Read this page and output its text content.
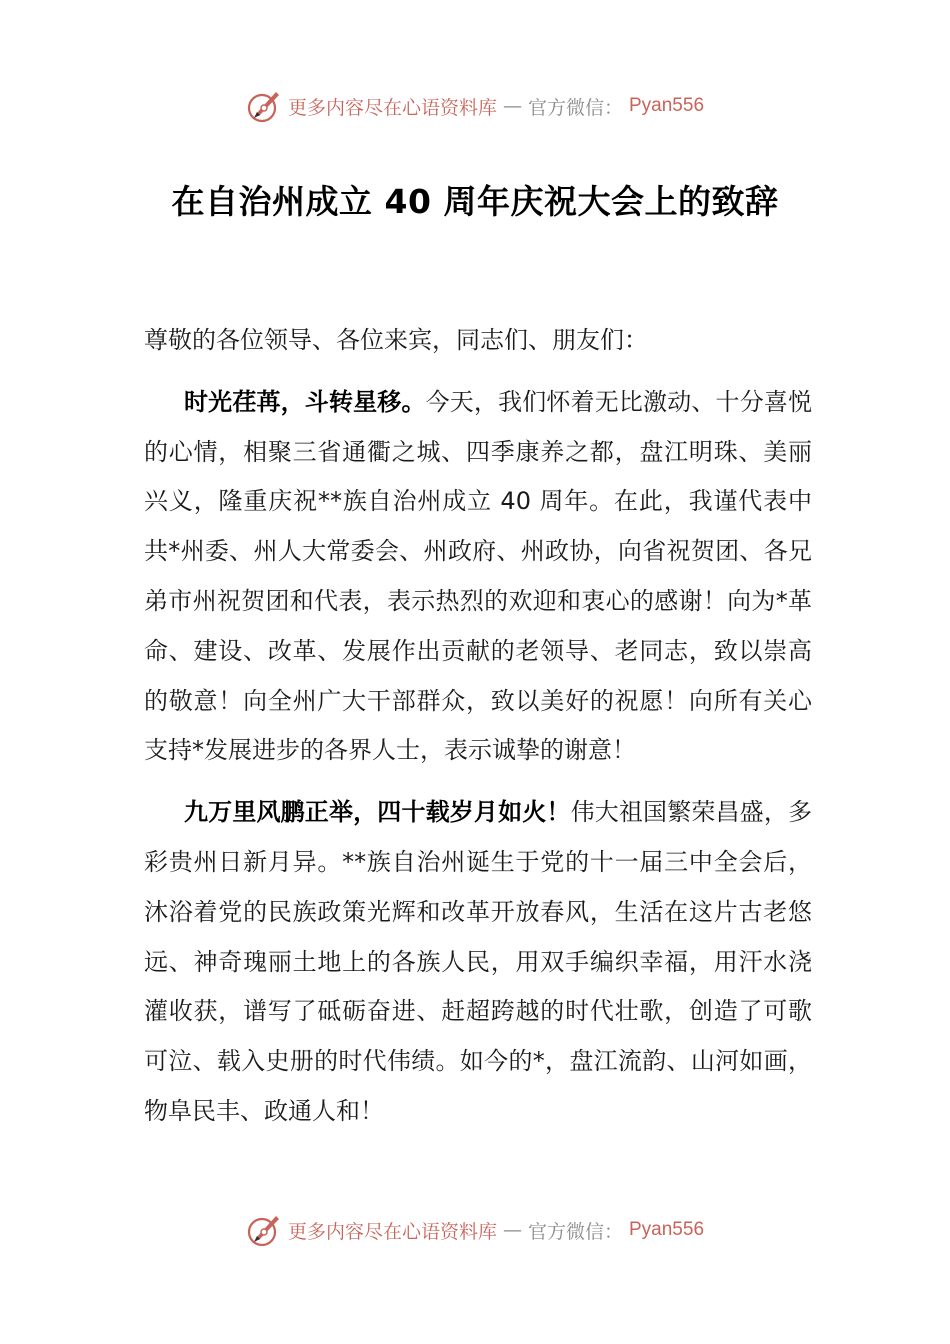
更多内容尽在心语资料库 — 官方微信： Pyan556
在自治州成立 40 周年庆祝大会上的致辞

尊敬的各位领导、各位来宾，同志们、朋友们：

时光荏苒，斗转星移。今天，我们怀着无比激动、十分喜悦的心情，相聚三省通衢之城、四季康养之都，盘江明珠、美丽兴义，隆重庆祝**族自治州成立 40 周年。在此，我谨代表中共*州委、州人大常委会、州政府、州政协，向省祝贺团、各兄弟市州祝贺团和代表，表示热烈的欢迎和衷心的感谢！向为*革命、建设、改革、发展作出贡献的老领导、老同志，致以崇高的敬意！向全州广大干部群众，致以美好的祝愿！向所有关心支持*发展进步的各界人士，表示诚挚的谢意！

九万里风鹏正举，四十载岁月如火！伟大祖国繁荣昌盛，多彩贵州日新月异。**族自治州诞生于党的十一届三中全会后，沐浴着党的民族政策光辉和改革开放春风，生活在这片古老悠远、神奇瑰丽土地上的各族人民，用双手编织幸福，用汗水浇灌收获，谱写了砥砺奋进、赶超跨越的时代壮歌，创造了可歌可泣、载入史册的时代伟绩。如今的*，盘江流韵、山河如画，物阜民丰、政通人和！

更多内容尽在心语资料库 — 官方微信： Pyan556
